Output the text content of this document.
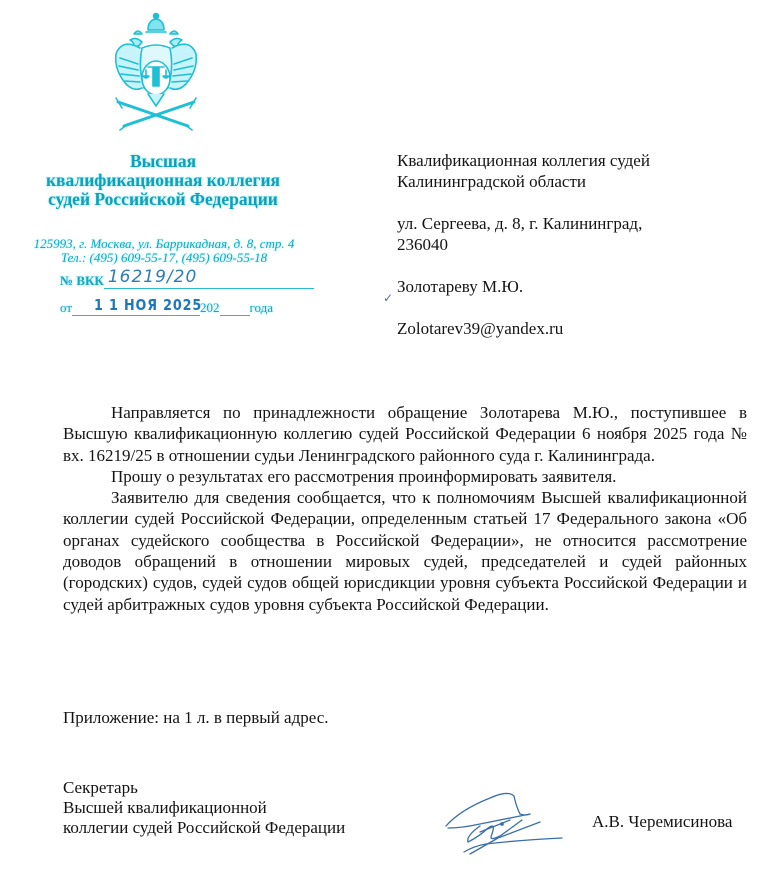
Высшая
квалификационная коллегия
судей Российской Федерации
125993, г. Москва, ул. Баррикадная, д. 8, стр. 4
Тел.: (495) 609-55-17, (495) 609-55-18
№ ВКК 16219/20
от 1 1 НОЯ 2025
202 года
Квалификационная коллегия судей
Калининградской области
ул. Сергеева, д. 8, г. Калининград,
236040
Золотареву М.Ю.
Zolotarev39@yandex.ru
✓

Направляется по принадлежности обращение Золотарева М.Ю., поступившее в Высшую квалификационную коллегию судей Российской Федерации 6 ноября 2025 года № вх. 16219/25 в отношении судьи Ленинградского районного суда г. Калининграда.

Прошу о результатах его рассмотрения проинформировать заявителя.

Заявителю для сведения сообщается, что к полномочиям Высшей квалификационной коллегии судей Российской Федерации, определенным статьей 17 Федерального закона «Об органах судейского сообщества в Российской Федерации», не относится рассмотрение доводов обращений в отношении мировых судей, председателей и судей районных (городских) судов, судей судов общей юрисдикции уровня субъекта Российской Федерации и судей арбитражных судов уровня субъекта Российской Федерации.

Приложение: на 1 л. в первый адрес.
Секретарь
Высшей квалификационной
коллегии судей Российской Федерации	А.В. Черемисинова
